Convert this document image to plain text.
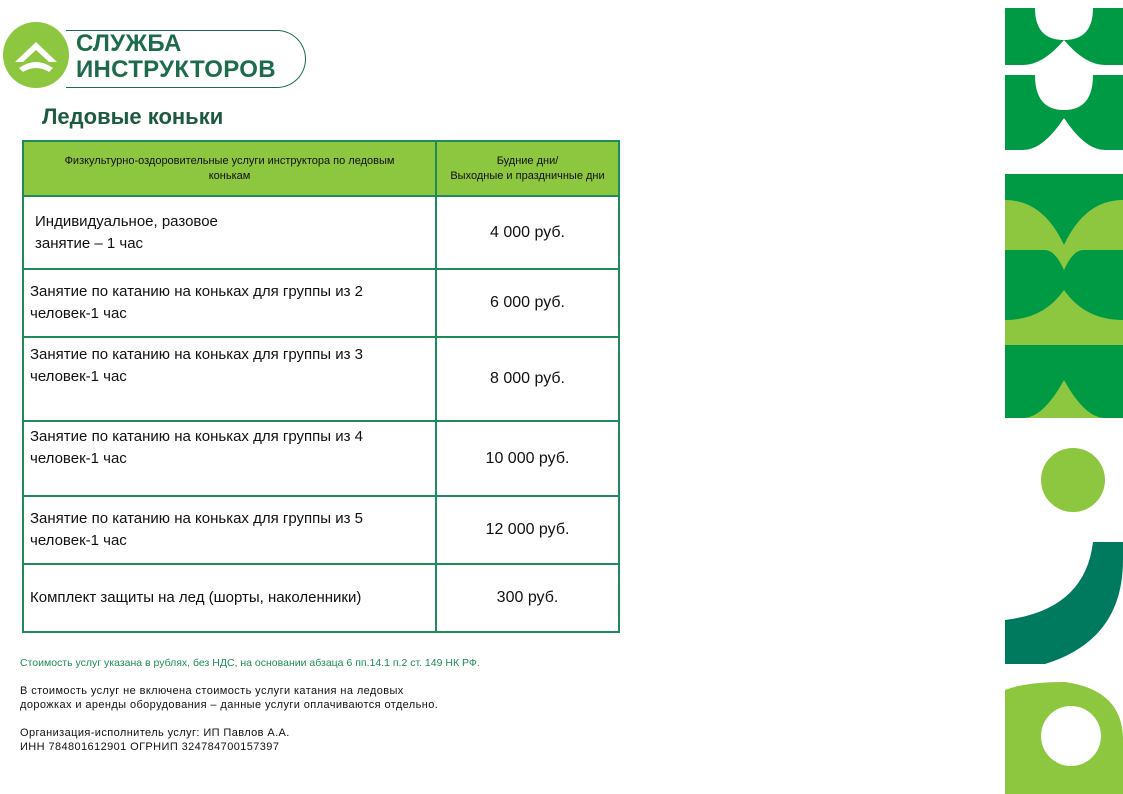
СЛУЖБА
ИНСТРУКТОРОВ
Ледовые коньки
Физкультурно-оздоровительные услуги инструктора по ледовым конькам	Будние дни/
Выходные и праздничные дни

Индивидуальное, разовое
занятие – 1 час	4 000 руб.

Занятие по катанию на коньках для группы из 2
человек-1 час	6 000 руб.

Занятие по катанию на коньках для группы из 3
человек-1 час	8 000 руб.

Занятие по катанию на коньках для группы из 4
человек-1 час	10 000 руб.

Занятие по катанию на коньках для группы из 5
человек-1 час	12 000 руб.

Комплект защиты на лед (шорты, наколенники)	300 руб.
Стоимость услуг указана в рублях, без НДС, на основании абзаца 6 пп.14.1 п.2 ст. 149 НК РФ.
В стоимость услуг не включена стоимость услуги катания на ледовых
дорожках и аренды оборудования – данные услуги оплачиваются отдельно.
Организация-исполнитель услуг: ИП Павлов А.А.
ИНН 784801612901 ОГРНИП 324784700157397
